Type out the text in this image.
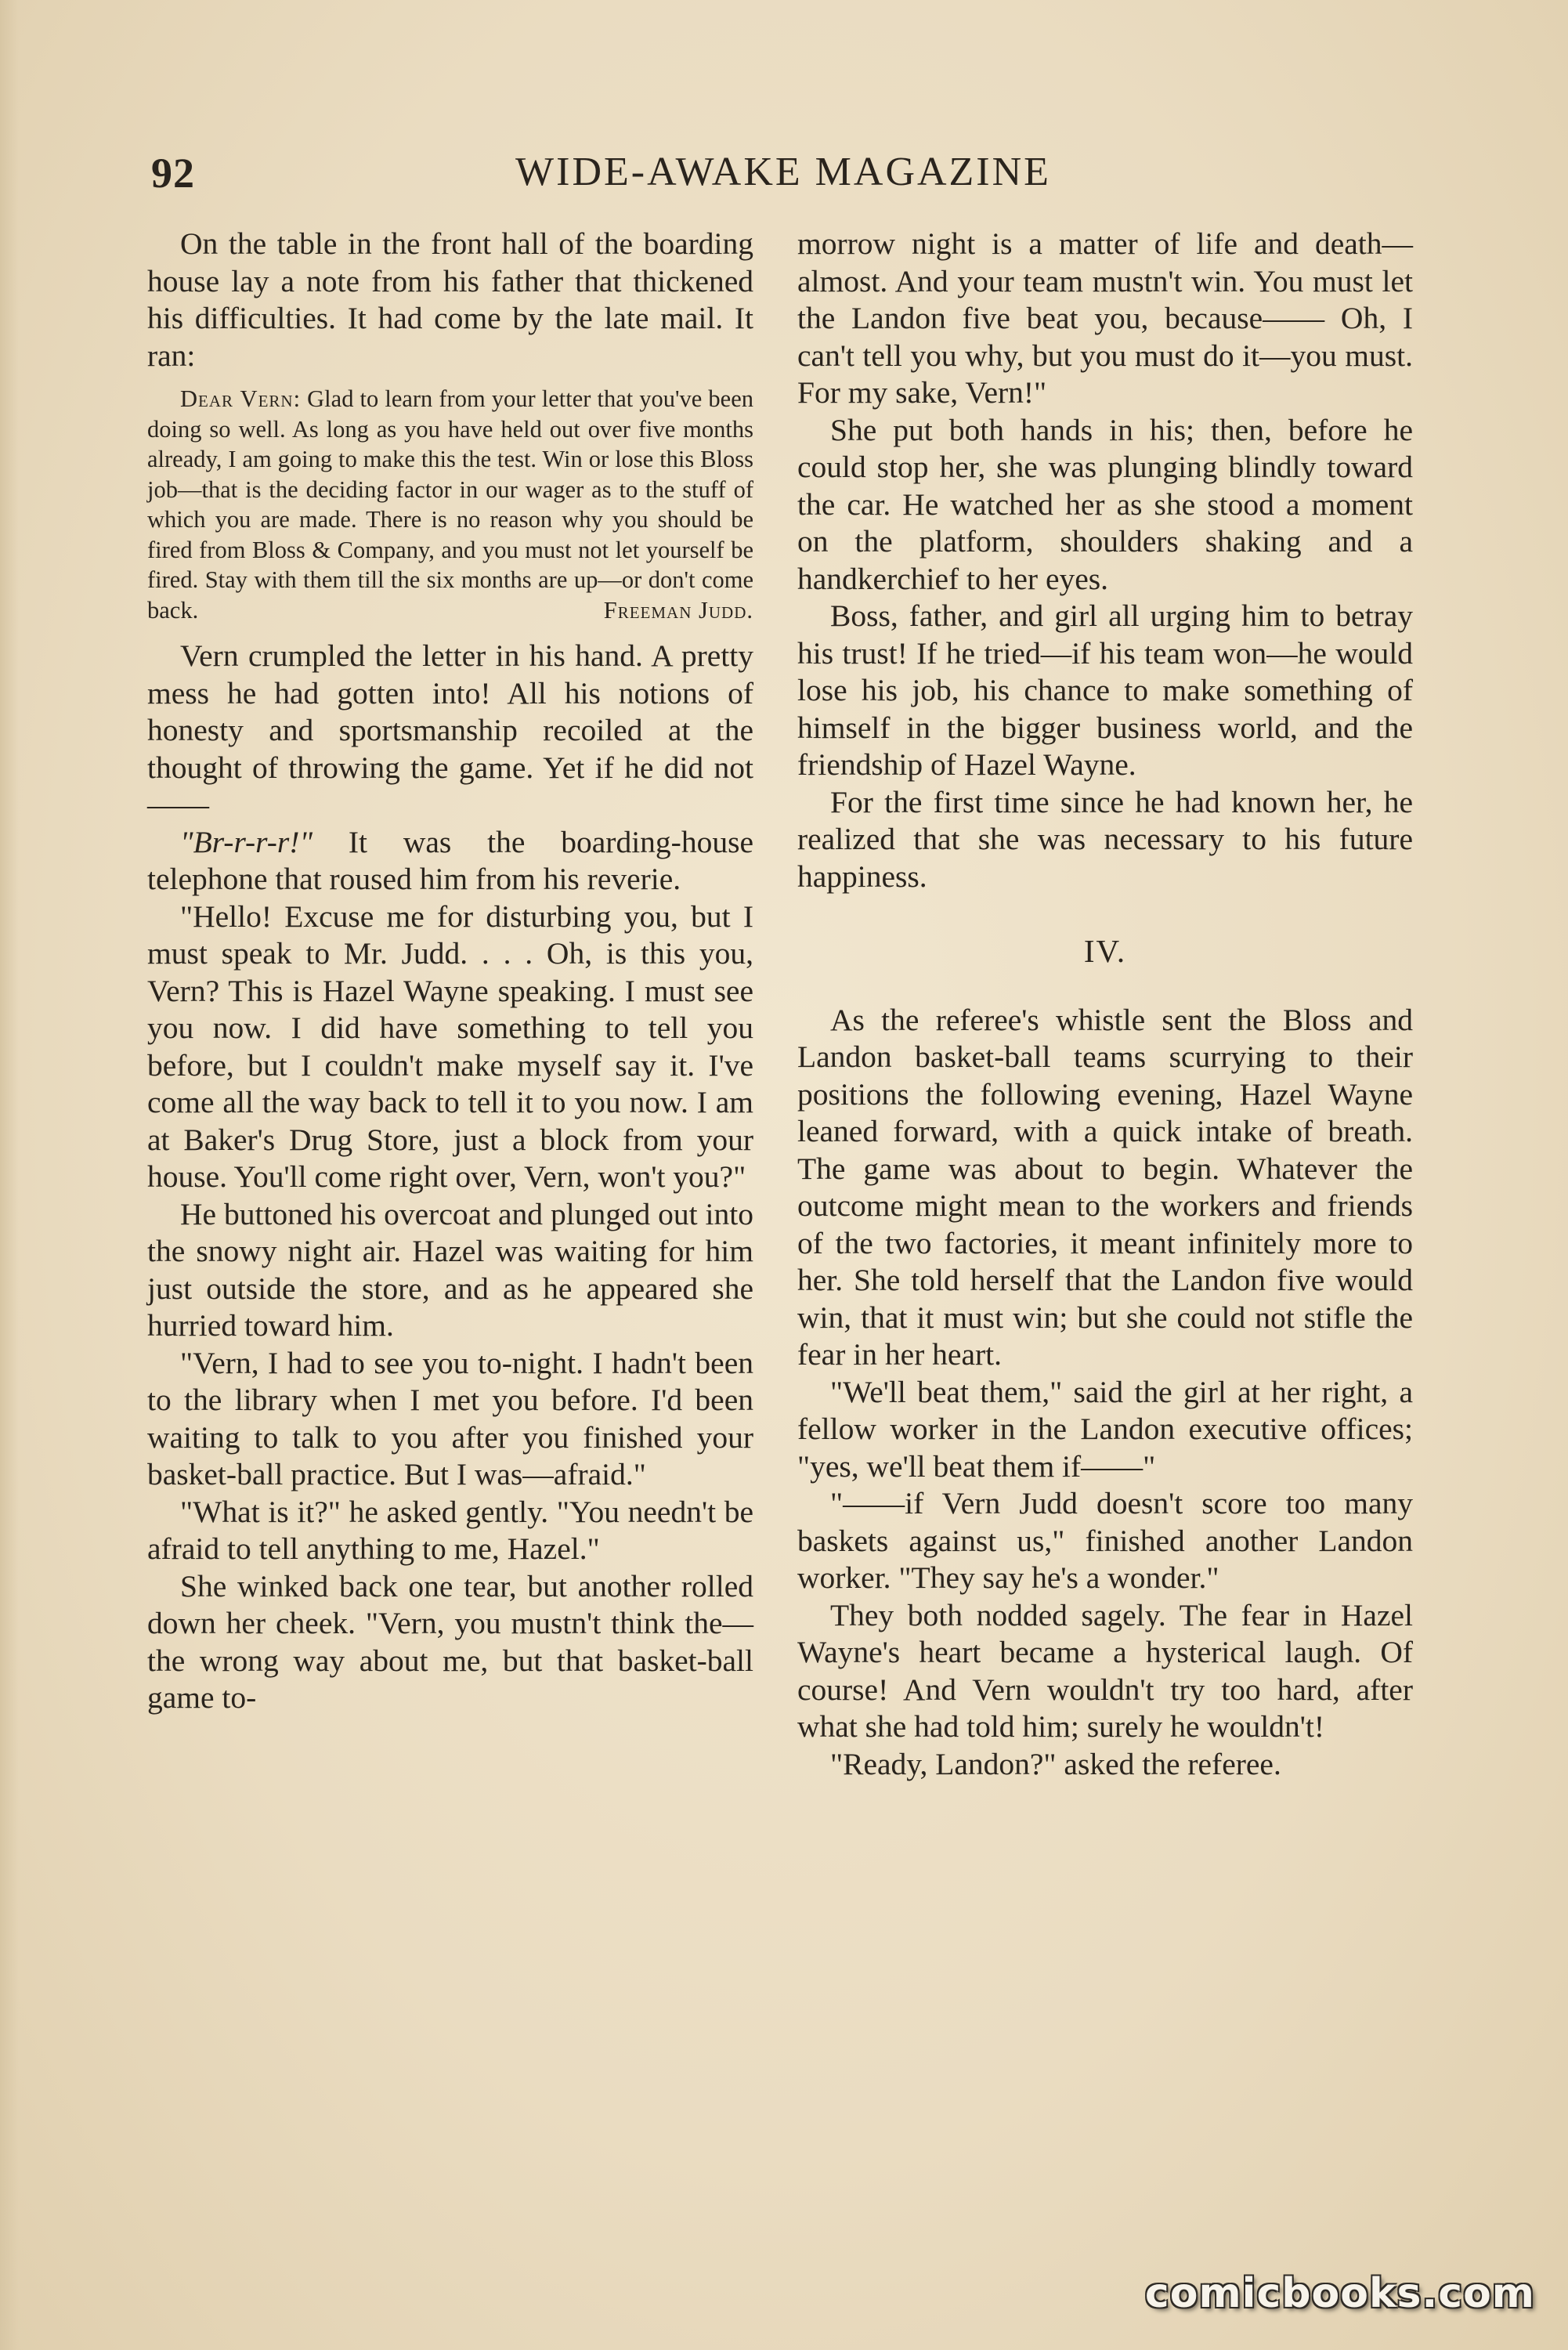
92	WIDE-AWAKE MAGAZINE

On the table in the front hall of the boarding house lay a note from his father that thickened his difficulties. It had come by the late mail. It ran:

Dear Vern: Glad to learn from your letter that you've been doing so well. As long as you have held out over five months already, I am going to make this the test. Win or lose this Bloss job—that is the deciding factor in our wager as to the stuff of which you are made. There is no reason why you should be fired from Bloss & Company, and you must not let yourself be fired. Stay with them till the six months are up—or don't come back.	Freeman Judd.

Vern crumpled the letter in his hand. A pretty mess he had gotten into! All his notions of honesty and sportsmanship recoiled at the thought of throwing the game. Yet if he did not——

"Br-r-r-r!" It was the boarding-house telephone that roused him from his reverie.

"Hello! Excuse me for disturbing you, but I must speak to Mr. Judd. . . . Oh, is this you, Vern? This is Hazel Wayne speaking. I must see you now. I did have something to tell you before, but I couldn't make myself say it. I've come all the way back to tell it to you now. I am at Baker's Drug Store, just a block from your house. You'll come right over, Vern, won't you?"

He buttoned his overcoat and plunged out into the snowy night air. Hazel was waiting for him just outside the store, and as he appeared she hurried toward him.

"Vern, I had to see you to-night. I hadn't been to the library when I met you before. I'd been waiting to talk to you after you finished your basket-ball practice. But I was—afraid."

"What is it?" he asked gently. "You needn't be afraid to tell anything to me, Hazel."

She winked back one tear, but another rolled down her cheek. "Vern, you mustn't think the—the wrong way about me, but that basket-ball game to-

morrow night is a matter of life and death—almost. And your team mustn't win. You must let the Landon five beat you, because—— Oh, I can't tell you why, but you must do it—you must. For my sake, Vern!"

She put both hands in his; then, before he could stop her, she was plunging blindly toward the car. He watched her as she stood a moment on the platform, shoulders shaking and a handkerchief to her eyes.

Boss, father, and girl all urging him to betray his trust! If he tried—if his team won—he would lose his job, his chance to make something of himself in the bigger business world, and the friendship of Hazel Wayne.

For the first time since he had known her, he realized that she was necessary to his future happiness.

IV.

As the referee's whistle sent the Bloss and Landon basket-ball teams scurrying to their positions the following evening, Hazel Wayne leaned forward, with a quick intake of breath. The game was about to begin. Whatever the outcome might mean to the workers and friends of the two factories, it meant infinitely more to her. She told herself that the Landon five would win, that it must win; but she could not stifle the fear in her heart.

"We'll beat them," said the girl at her right, a fellow worker in the Landon executive offices; "yes, we'll beat them if——"

"——if Vern Judd doesn't score too many baskets against us," finished another Landon worker. "They say he's a wonder."

They both nodded sagely. The fear in Hazel Wayne's heart became a hysterical laugh. Of course! And Vern wouldn't try too hard, after what she had told him; surely he wouldn't!

"Ready, Landon?" asked the referee.

comicbooks.com
